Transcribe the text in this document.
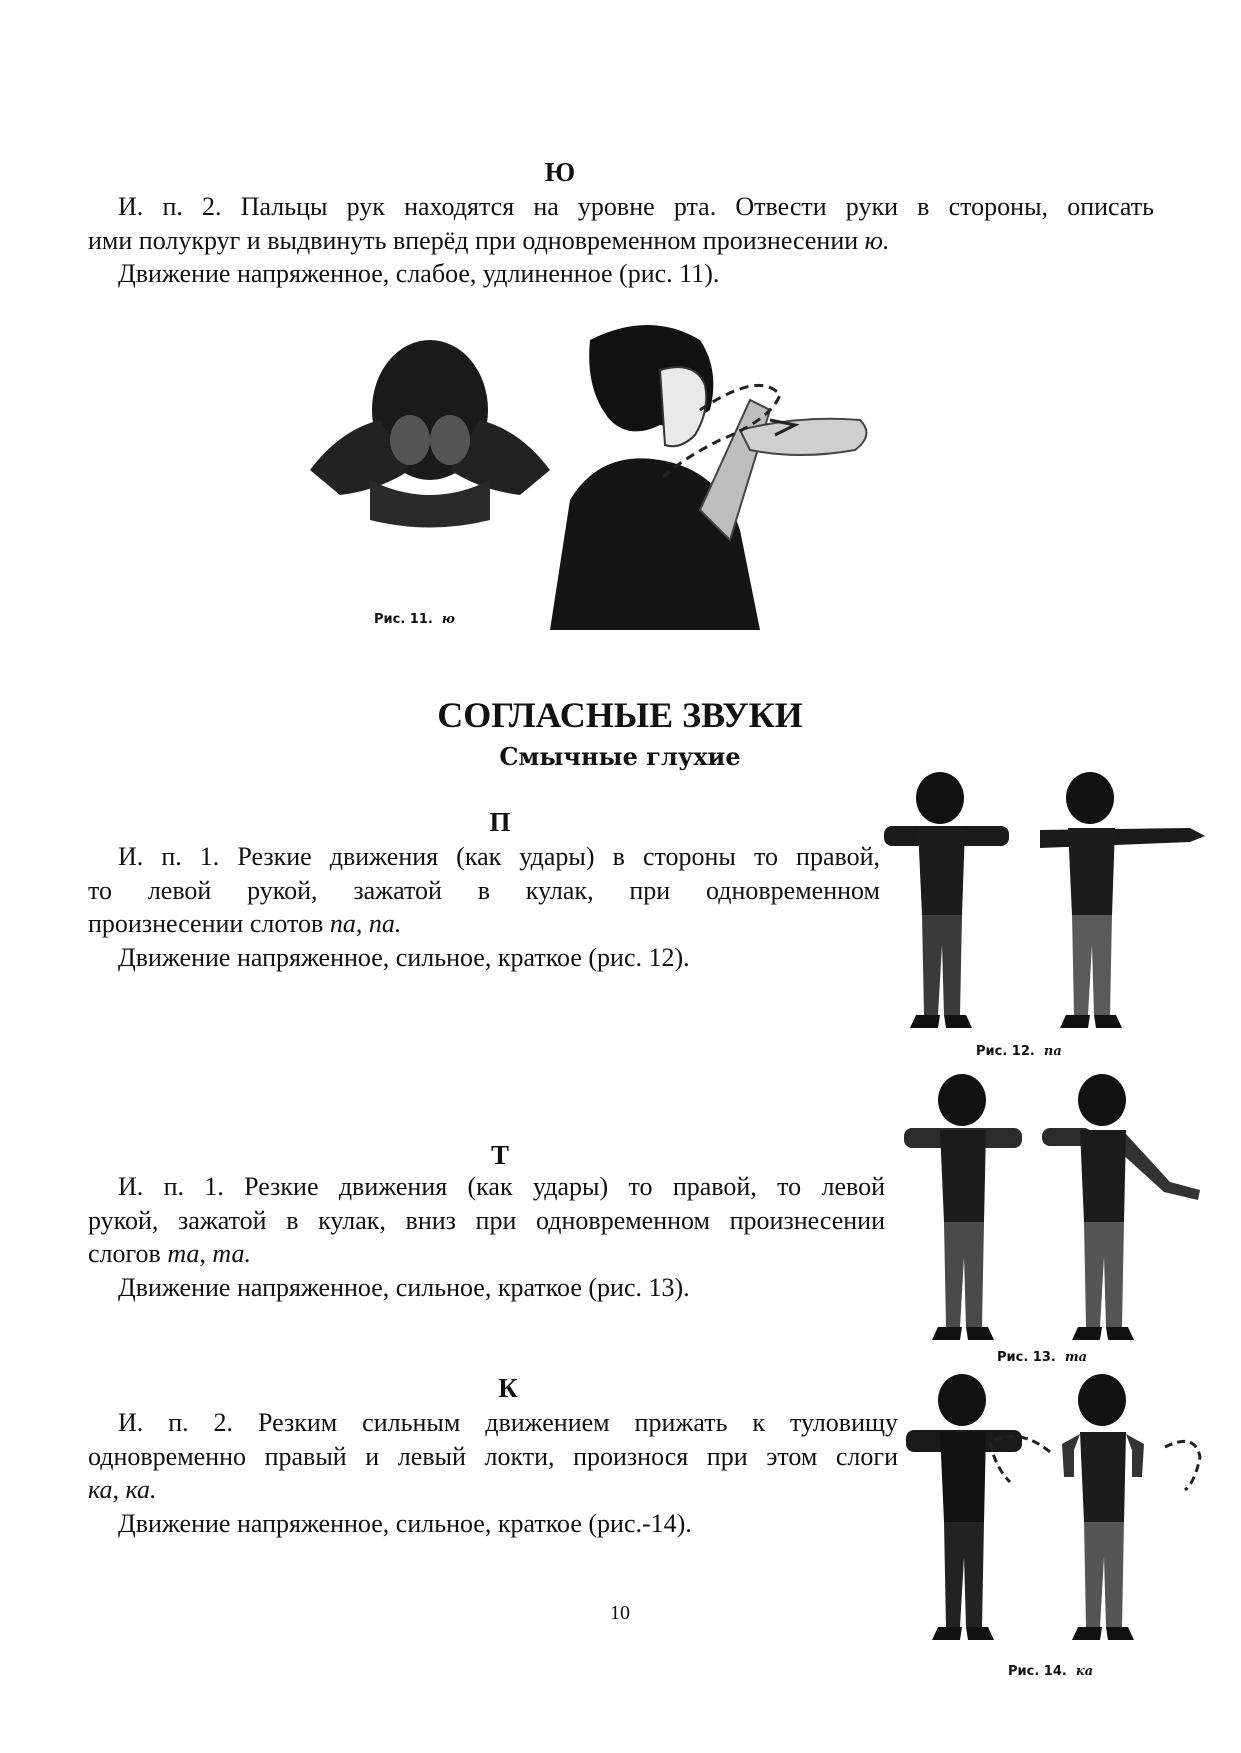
Ю
И. п. 2. Пальцы рук находятся на уровне рта. Отвести руки в стороны, описать
ими полукруг и выдвинуть вперёд при одновременном произнесении ю.
Движение напряженное, слабое, удлиненное (рис. 11).
Рис. 11. ю
СОГЛАСНЫЕ ЗВУКИ
Смычные глухие
П
И. п. 1. Резкие движения (как удары) в стороны то правой,
то левой рукой, зажатой в кулак, при одновременном
произнесении слотов па, па.
Движение напряженное, сильное, краткое (рис. 12).
Рис. 12. па
Т
И. п. 1. Резкие движения (как удары) то правой, то левой
рукой, зажатой в кулак, вниз при одновременном произнесении
слогов та, та.
Движение напряженное, сильное, краткое (рис. 13).
Рис. 13. та
К
И. п. 2. Резким сильным движением прижать к туловищу
одновременно правый и левый локти, произнося при этом слоги
ка, ка.
Движение напряженное, сильное, краткое (рис.-14).
Рис. 14. ка
10
